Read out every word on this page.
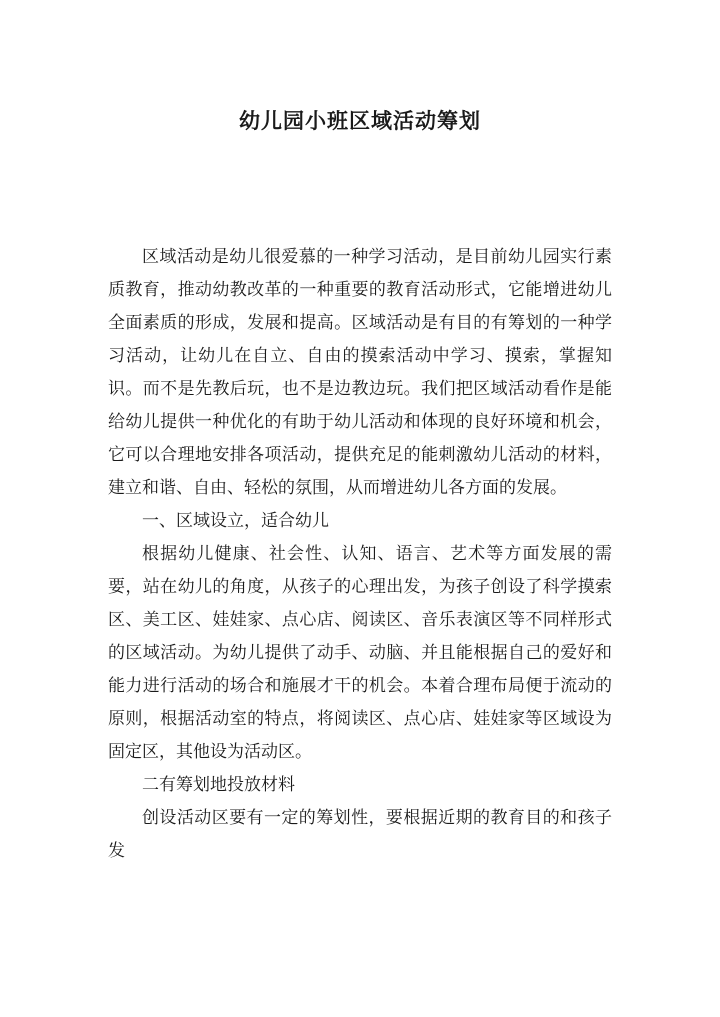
幼儿园小班区域活动筹划

区域活动是幼儿很爱慕的一种学习活动，是目前幼儿园实行素质教育，推动幼教改革的一种重要的教育活动形式，它能增进幼儿全面素质的形成，发展和提高。区域活动是有目的有筹划的一种学习活动，让幼儿在自立、自由的摸索活动中学习、摸索，掌握知识。而不是先教后玩，也不是边教边玩。我们把区域活动看作是能给幼儿提供一种优化的有助于幼儿活动和体现的良好环境和机会，它可以合理地安排各项活动，提供充足的能刺激幼儿活动的材料，建立和谐、自由、轻松的氛围，从而增进幼儿各方面的发展。

一、区域设立，适合幼儿

根据幼儿健康、社会性、认知、语言、艺术等方面发展的需要，站在幼儿的角度，从孩子的心理出发，为孩子创设了科学摸索区、美工区、娃娃家、点心店、阅读区、音乐表演区等不同样形式的区域活动。为幼儿提供了动手、动脑、并且能根据自己的爱好和能力进行活动的场合和施展才干的机会。本着合理布局便于流动的原则，根据活动室的特点，将阅读区、点心店、娃娃家等区域设为固定区，其他设为活动区。

二有筹划地投放材料

创设活动区要有一定的筹划性，要根据近期的教育目的和孩子发
